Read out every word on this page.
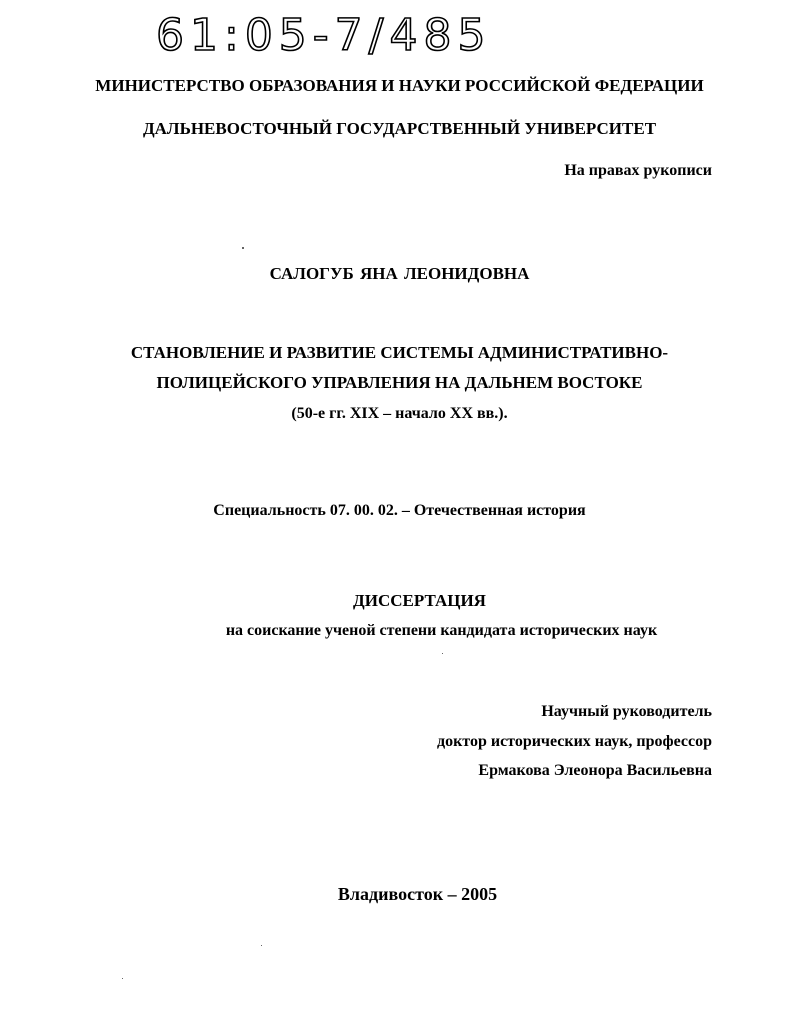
61:05-7/485
МИНИСТЕРСТВО ОБРАЗОВАНИЯ И НАУКИ РОССИЙСКОЙ ФЕДЕРАЦИИ
ДАЛЬНЕВОСТОЧНЫЙ ГОСУДАРСТВЕННЫЙ УНИВЕРСИТЕТ
На правах рукописи
САЛОГУБ ЯНА ЛЕОНИДОВНА
СТАНОВЛЕНИЕ И РАЗВИТИЕ СИСТЕМЫ АДМИНИСТРАТИВНО-
ПОЛИЦЕЙСКОГО УПРАВЛЕНИЯ НА ДАЛЬНЕМ ВОСТОКЕ
(50-е гг. XIX – начало XX вв.).
Специальность 07. 00. 02. – Отечественная история
ДИССЕРТАЦИЯ
на соискание ученой степени кандидата исторических наук
Научный руководитель
доктор исторических наук, профессор
Ермакова Элеонора Васильевна
Владивосток – 2005
